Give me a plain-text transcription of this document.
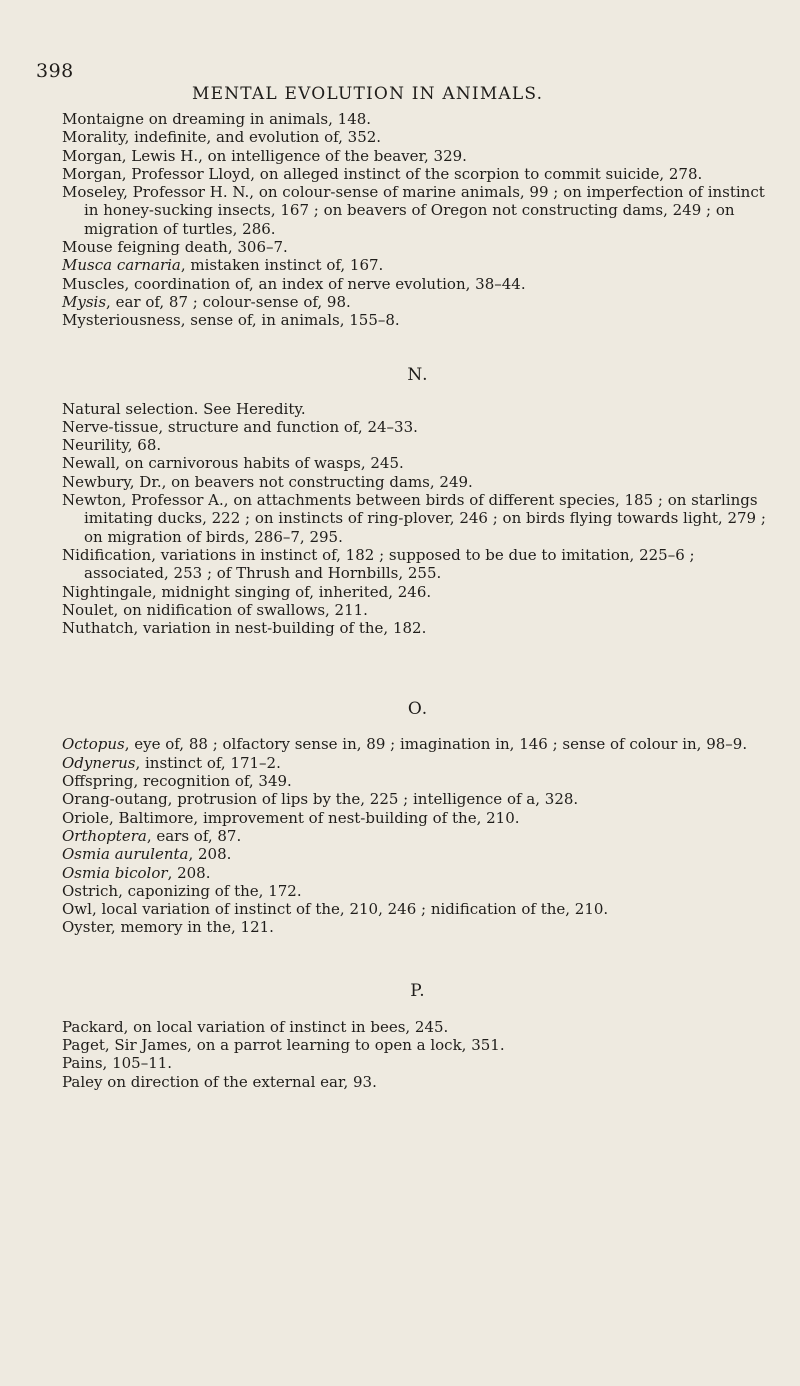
398
MENTAL EVOLUTION IN ANIMALS.

Montaigne on dreaming in animals, 148.

Morality, indefinite, and evolution of, 352.

Morgan, Lewis H., on intelligence of the beaver, 329.

Morgan, Professor Lloyd, on alleged instinct of the scorpion to commit suicide, 278.

Moseley, Professor H. N., on colour-sense of marine animals, 99 ; on imperfection of instinct in honey-sucking insects, 167 ; on beavers of Oregon not constructing dams, 249 ; on migration of turtles, 286.

Mouse feigning death, 306–7.

Musca carnaria, mistaken instinct of, 167.

Muscles, coordination of, an index of nerve evolution, 38–44.

Mysis, ear of, 87 ; colour-sense of, 98.

Mysteriousness, sense of, in animals, 155–8.

N.

Natural selection. See Heredity.

Nerve-tissue, structure and function of, 24–33.

Neurility, 68.

Newall, on carnivorous habits of wasps, 245.

Newbury, Dr., on beavers not constructing dams, 249.

Newton, Professor A., on attachments between birds of different species, 185 ; on starlings imitating ducks, 222 ; on instincts of ring-plover, 246 ; on birds flying towards light, 279 ; on migration of birds, 286–7, 295.

Nidification, variations in instinct of, 182 ; supposed to be due to imitation, 225–6 ; associated, 253 ; of Thrush and Hornbills, 255.

Nightingale, midnight singing of, inherited, 246.

Noulet, on nidification of swallows, 211.

Nuthatch, variation in nest-building of the, 182.

O.

Octopus, eye of, 88 ; olfactory sense in, 89 ; imagination in, 146 ; sense of colour in, 98–9.

Odynerus, instinct of, 171–2.

Offspring, recognition of, 349.

Orang-outang, protrusion of lips by the, 225 ; intelligence of a, 328.

Oriole, Baltimore, improvement of nest-building of the, 210.

Orthoptera, ears of, 87.

Osmia aurulenta, 208.

Osmia bicolor, 208.

Ostrich, caponizing of the, 172.

Owl, local variation of instinct of the, 210, 246 ; nidification of the, 210.

Oyster, memory in the, 121.

P.

Packard, on local variation of instinct in bees, 245.

Paget, Sir James, on a parrot learning to open a lock, 351.

Pains, 105–11.

Paley on direction of the external ear, 93.
